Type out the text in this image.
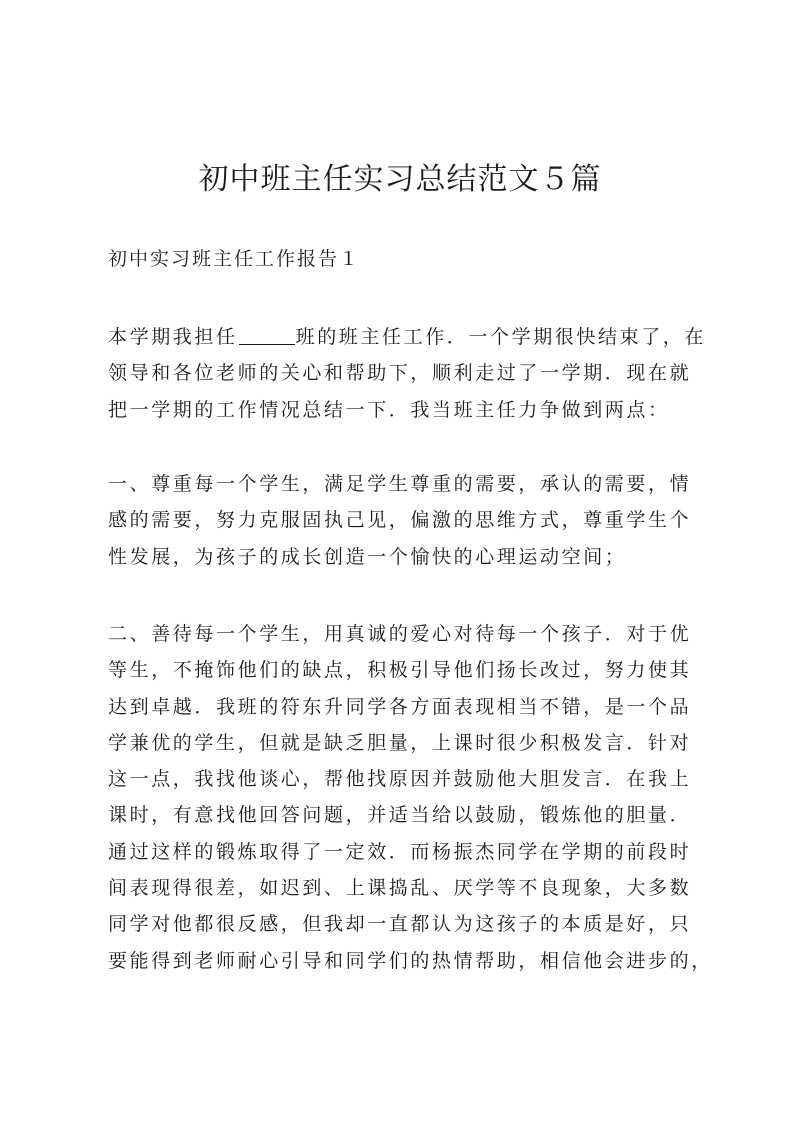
初中班主任实习总结范文５篇
初中实习班主任工作报告１
本学期我担任	班的班主任工作．一个学期很快结束了，在
领导和各位老师的关心和帮助下，顺利走过了一学期．现在就
把一学期的工作情况总结一下．我当班主任力争做到两点：
一、尊重每一个学生，满足学生尊重的需要，承认的需要，情
感的需要，努力克服固执己见，偏激的思维方式，尊重学生个
性发展，为孩子的成长创造一个愉快的心理运动空间；
二、善待每一个学生，用真诚的爱心对待每一个孩子．对于优
等生，不掩饰他们的缺点，积极引导他们扬长改过，努力使其
达到卓越．我班的符东升同学各方面表现相当不错，是一个品
学兼优的学生，但就是缺乏胆量，上课时很少积极发言．针对
这一点，我找他谈心，帮他找原因并鼓励他大胆发言．在我上
课时，有意找他回答问题，并适当给以鼓励，锻炼他的胆量．
通过这样的锻炼取得了一定效．而杨振杰同学在学期的前段时
间表现得很差，如迟到、上课捣乱、厌学等不良现象，大多数
同学对他都很反感，但我却一直都认为这孩子的本质是好，只
要能得到老师耐心引导和同学们的热情帮助，相信他会进步的，
